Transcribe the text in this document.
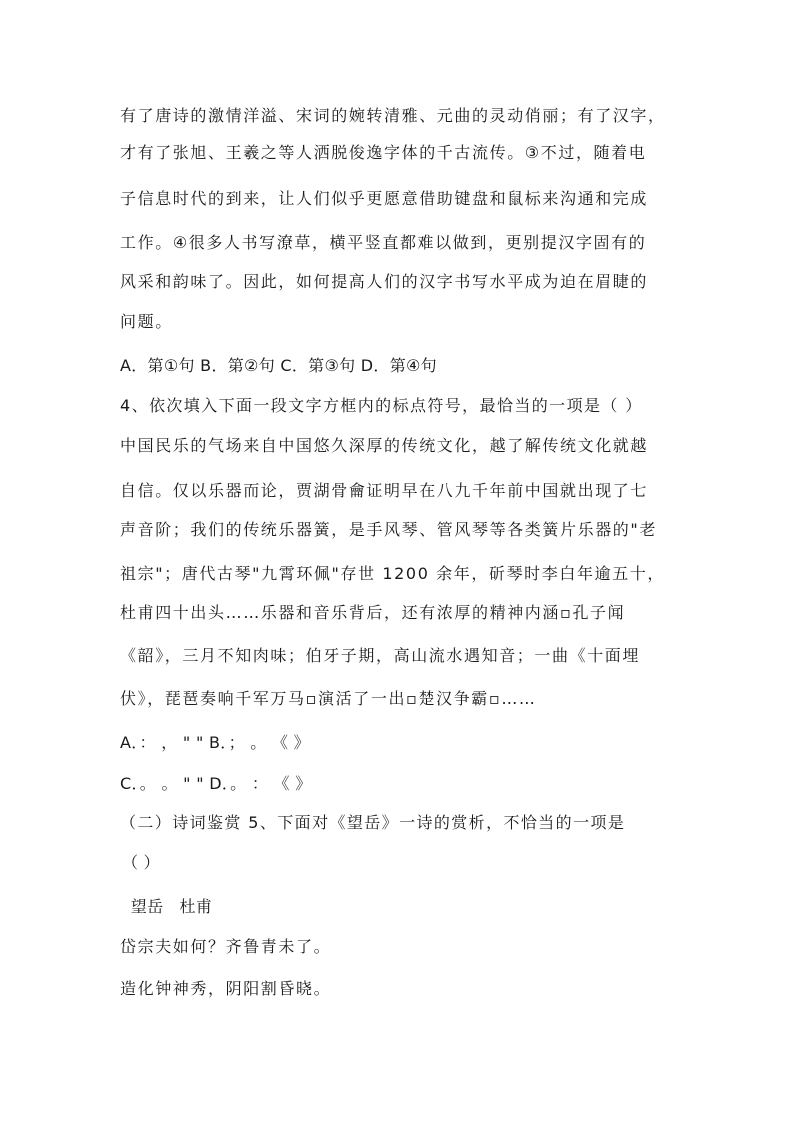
有了唐诗的激情洋溢、宋词的婉转清雅、元曲的灵动俏丽；有了汉字，
才有了张旭、王羲之等人洒脱俊逸字体的千古流传。③不过，随着电
子信息时代的到来，让人们似乎更愿意借助键盘和鼠标来沟通和完成
工作。④很多人书写潦草，横平竖直都难以做到，更别提汉字固有的
风采和韵味了。因此，如何提高人们的汉字书写水平成为迫在眉睫的
问题。
A．第①句 B．第②句 C．第③句 D．第④句
4、依次填入下面一段文字方框内的标点符号，最恰当的一项是（ ）
中国民乐的气场来自中国悠久深厚的传统文化，越了解传统文化就越
自信。仅以乐器而论，贾湖骨龠证明早在八九千年前中国就出现了七
声音阶；我们的传统乐器簧，是手风琴、管风琴等各类簧片乐器的"老
祖宗"；唐代古琴"九霄环佩"存世 1200 余年，斫琴时李白年逾五十，
杜甫四十出头……乐器和音乐背后，还有浓厚的精神内涵▫孔子闻
《韶》，三月不知肉味；伯牙子期，高山流水遇知音；一曲《十面埋
伏》，琵琶奏响千军万马▫演活了一出▫楚汉争霸▫……
A．： ， " " B．； 。 《 》
C．。 。 " " D．。 ： 《 》
（二）诗词鉴赏 5、下面对《望岳》一诗的赏析，不恰当的一项是
（ ）
望岳   杜甫
岱宗夫如何？齐鲁青未了。
造化钟神秀，阴阳割昏晓。
